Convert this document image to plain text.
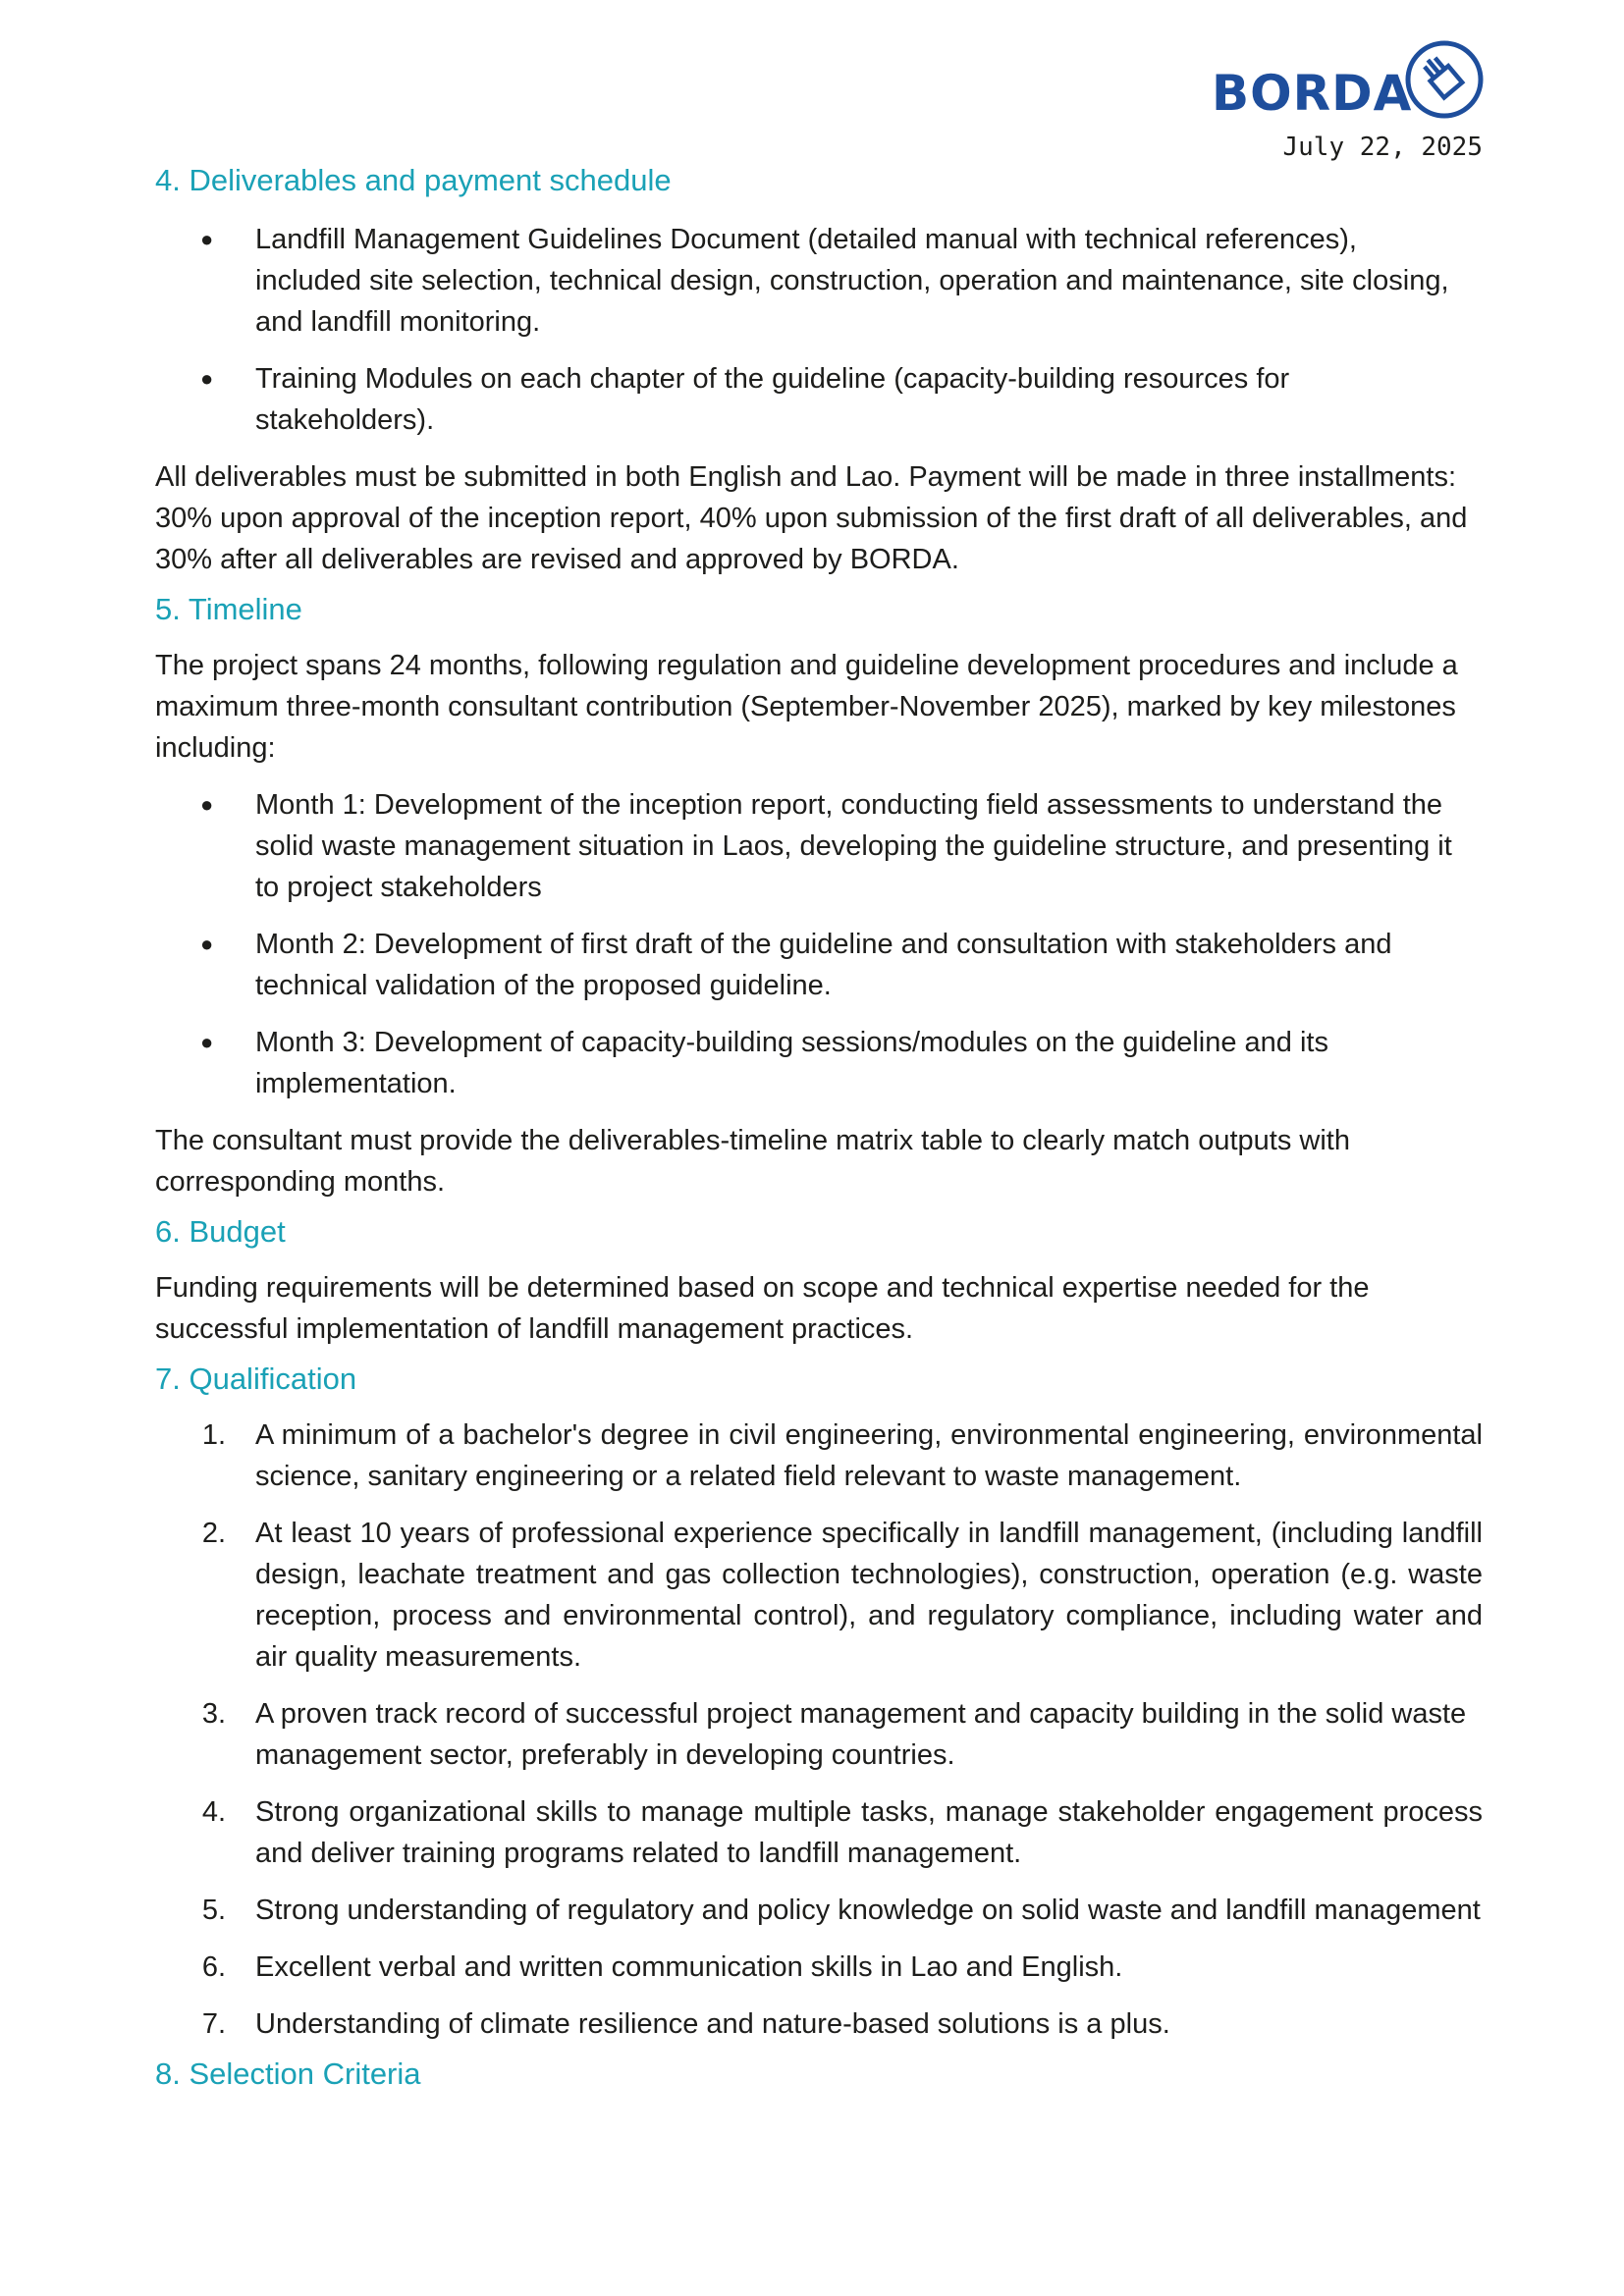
BORDA
July 22, 2025
4. Deliverables and payment schedule
● Landfill Management Guidelines Document (detailed manual with technical references), included site selection, technical design, construction, operation and maintenance, site closing, and landfill monitoring.
● Training Modules on each chapter of the guideline (capacity-building resources for stakeholders).

All deliverables must be submitted in both English and Lao. Payment will be made in three installments: 30% upon approval of the inception report, 40% upon submission of the first draft of all deliverables, and 30% after all deliverables are revised and approved by BORDA.

5. Timeline

The project spans 24 months, following regulation and guideline development procedures and include a maximum three-month consultant contribution (September-November 2025), marked by key milestones including:

● Month 1: Development of the inception report, conducting field assessments to understand the solid waste management situation in Laos, developing the guideline structure, and presenting it to project stakeholders
● Month 2: Development of first draft of the guideline and consultation with stakeholders and technical validation of the proposed guideline.
● Month 3: Development of capacity-building sessions/modules on the guideline and its implementation.

The consultant must provide the deliverables-timeline matrix table to clearly match outputs with corresponding months.

6. Budget

Funding requirements will be determined based on scope and technical expertise needed for the successful implementation of landfill management practices.

7. Qualification
1. A minimum of a bachelor's degree in civil engineering, environmental engineering, environmental science, sanitary engineering or a related field relevant to waste management.
2. At least 10 years of professional experience specifically in landfill management, (including landfill design, leachate treatment and gas collection technologies), construction, operation (e.g. waste reception, process and environmental control), and regulatory compliance, including water and air quality measurements.
3. A proven track record of successful project management and capacity building in the solid waste management sector, preferably in developing countries.
4. Strong organizational skills to manage multiple tasks, manage stakeholder engagement process and deliver training programs related to landfill management.
5. Strong understanding of regulatory and policy knowledge on solid waste and landfill management
6. Excellent verbal and written communication skills in Lao and English.
7. Understanding of climate resilience and nature-based solutions is a plus.
8. Selection Criteria
